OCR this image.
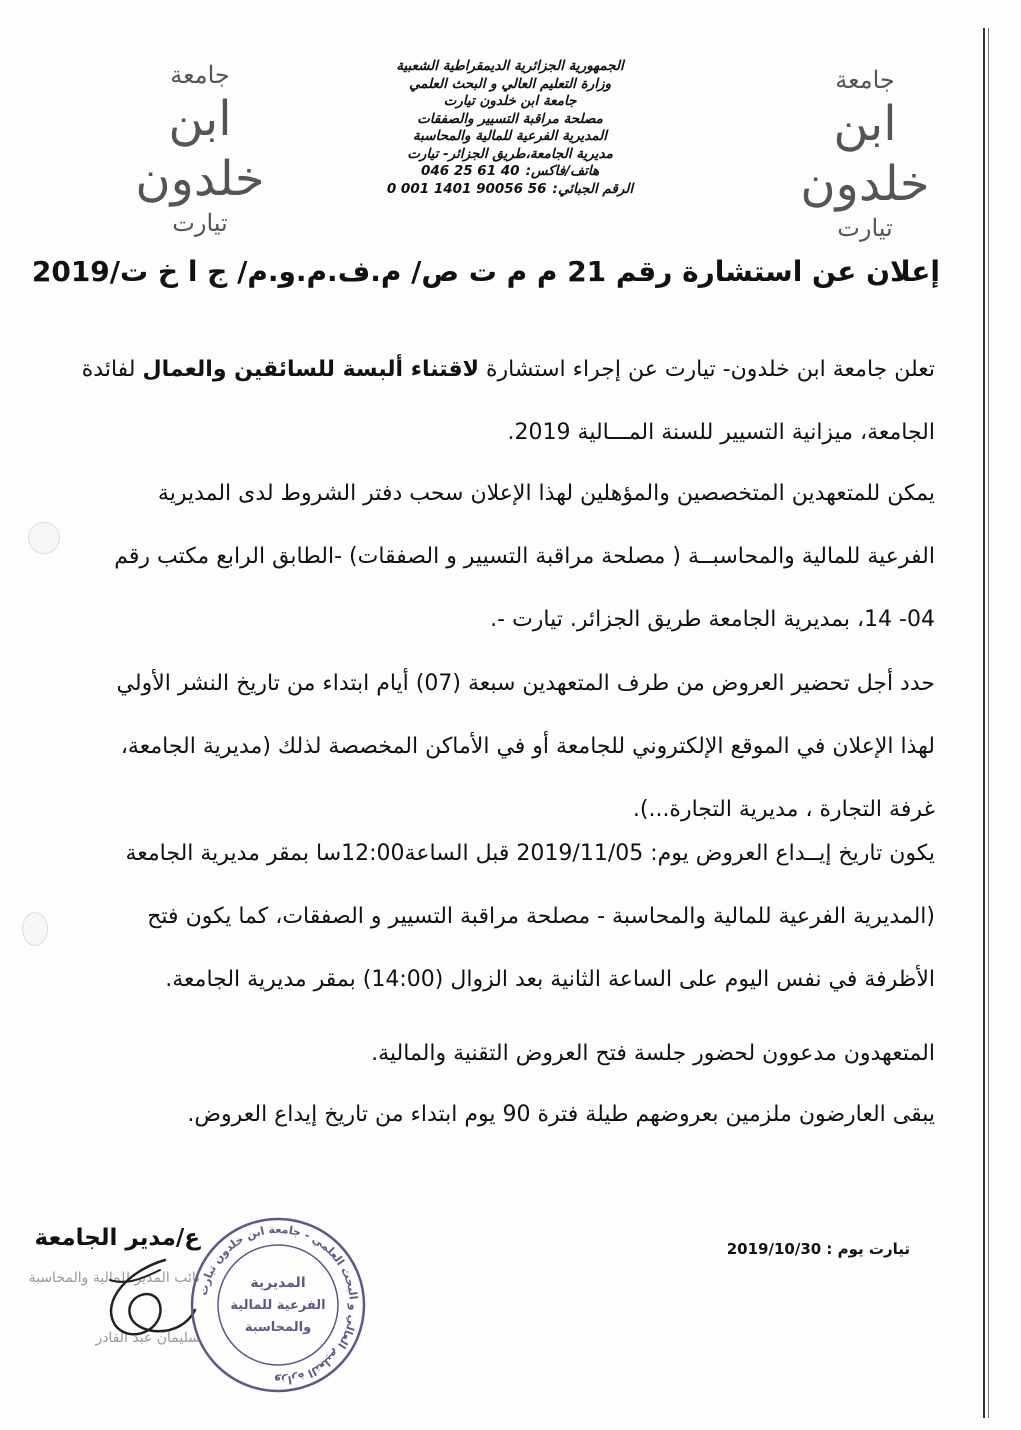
جامعة
ابن خلدون
تيارت
جامعة
ابن خلدون
تيارت
الجمهورية الجزائرية الديمقراطية الشعبية
وزارة التعليم العالي و البحث العلمي
جامعة ابن خلدون تيارت
مصلحة مراقبة التسيير والصفقات
المديرية الفرعية للمالية والمحاسبة
مديرية الجامعة،طريق الجزائر- تيارت
هاتف/فاكس:
046 25 61 40
الرقم الجبائي:
0 001 1401 90056 56
إعلان عن استشارة رقم 21 م م ت ص/ م.ف.م.و.م/ ج ا خ ت/2019
تعلن جامعة ابن خلدون- تيارت عن إجراء استشارة لاقتناء ألبسة للسائقين والعمال لفائدة
الجامعة، ميزانية التسيير للسنة المـــالية 2019.
يمكن للمتعهدين المتخصصين والمؤهلين لهذا الإعلان سحب دفتر الشروط لدى المديرية
الفرعية للمالية والمحاسبــة ( مصلحة مراقبة التسيير و الصفقات) -الطابق الرابع مكتب رقم
04- 14، بمديرية الجامعة طريق الجزائر. تيارت -.
حدد أجل تحضير العروض من طرف المتعهدين سبعة (07) أيام ابتداء من تاريخ النشر الأولي
لهذا الإعلان في الموقع الإلكتروني للجامعة أو في الأماكن المخصصة لذلك (مديرية الجامعة،
غرفة التجارة ، مديرية التجارة...).
يكون تاريخ إيــداع العروض يوم: 2019/11/05 قبل الساعة12:00سا بمقر مديرية الجامعة
(المديرية الفرعية للمالية والمحاسبة - مصلحة مراقبة التسيير و الصفقات، كما يكون فتح
الأظرفة في نفس اليوم على الساعة الثانية بعد الزوال (14:00) بمقر مديرية الجامعة.
المتعهدون مدعوون لحضور جلسة فتح العروض التقنية والمالية.
يبقى العارضون ملزمين بعروضهم طيلة فترة 90 يوم ابتداء من تاريخ إيداع العروض.
تيارت يوم : 2019/10/30
ع/مدير الجامعة
نائب المدير للمالية والمحاسبة
سليمان عبد القادر
وزارة التعليم العالي و البحث العلمي - جامعة ابن خلدون تيارت
المديرية
الفرعية للمالية
والمحاسبة
